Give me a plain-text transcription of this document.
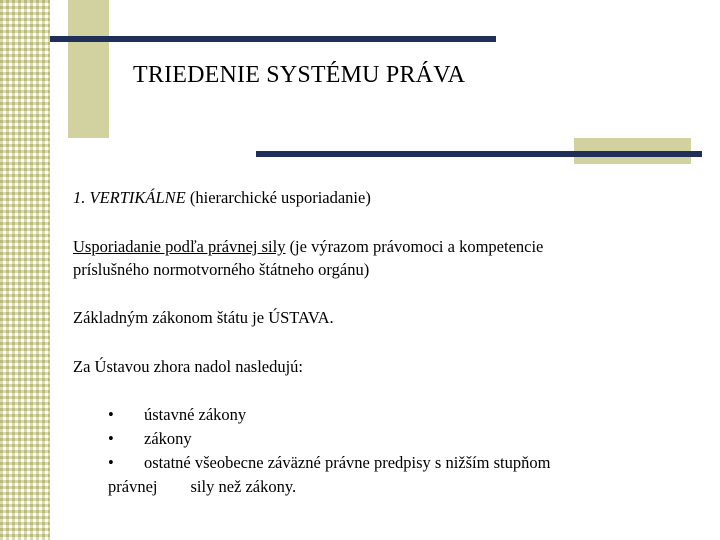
TRIEDENIE SYSTÉMU PRÁVA
1. VERTIKÁLNE (hierarchické usporiadanie)
Usporiadanie podľa právnej sily (je výrazom právomoci a kompetencie
príslušného normotvorného štátneho orgánu)
Základným zákonom štátu je ÚSTAVA.
Za Ústavou zhora nadol nasledujú:
• ústavné zákony
• zákony
• ostatné všeobecne záväzné právne predpisy s nižším stupňom
právnej        sily než zákony.
